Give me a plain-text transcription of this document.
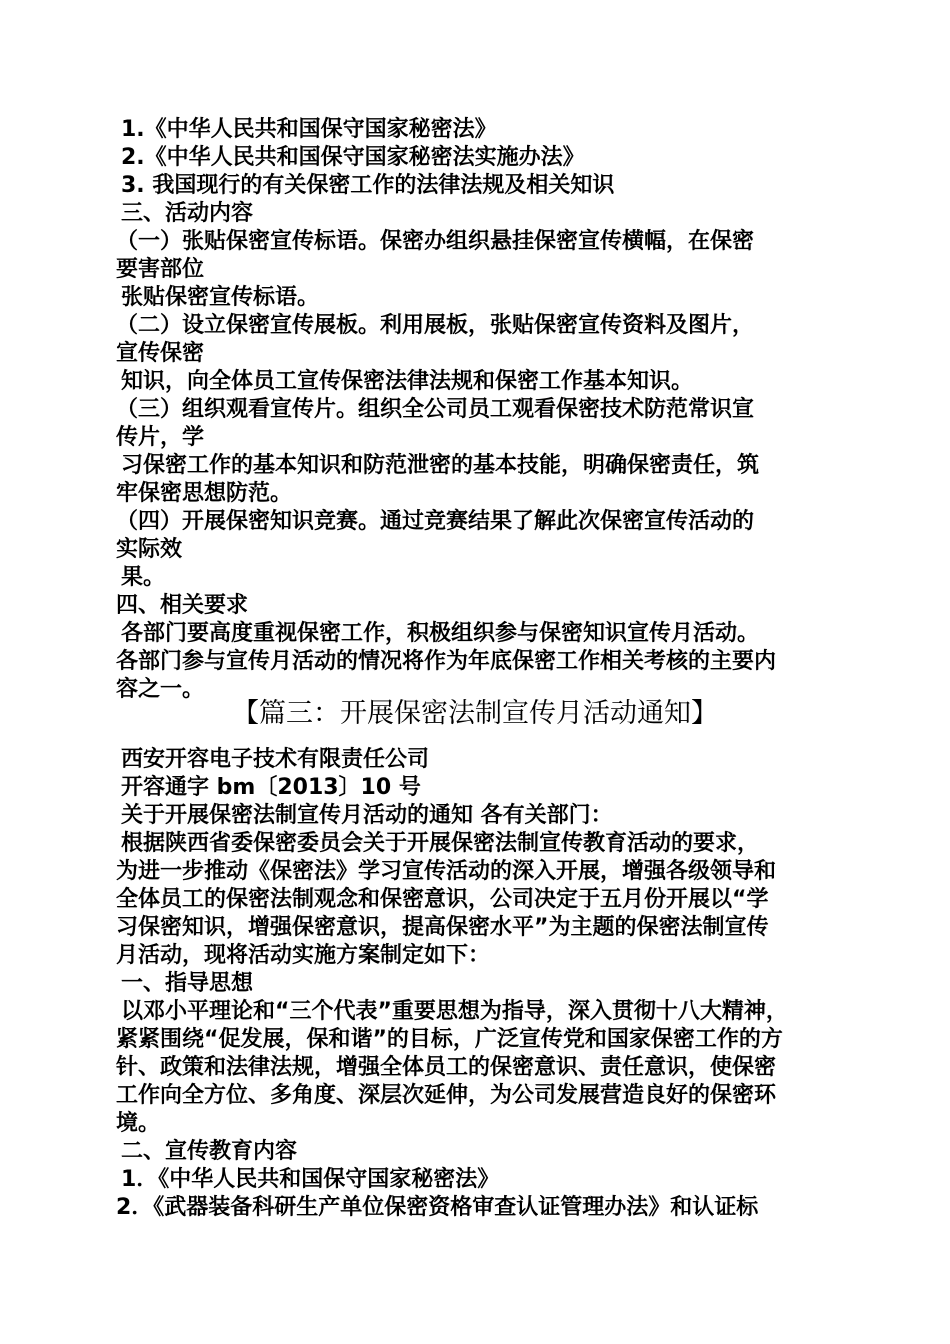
1.《中华人民共和国保守国家秘密法》
2.《中华人民共和国保守国家秘密法实施办法》
3. 我国现行的有关保密工作的法律法规及相关知识
三、活动内容
（一）张贴保密宣传标语。保密办组织悬挂保密宣传横幅，在保密
要害部位
张贴保密宣传标语。
（二）设立保密宣传展板。利用展板，张贴保密宣传资料及图片，
宣传保密
知识，向全体员工宣传保密法律法规和保密工作基本知识。
（三）组织观看宣传片。组织全公司员工观看保密技术防范常识宣
传片，学
习保密工作的基本知识和防范泄密的基本技能，明确保密责任，筑
牢保密思想防范。
（四）开展保密知识竞赛。通过竞赛结果了解此次保密宣传活动的
实际效
果。
四、相关要求
各部门要高度重视保密工作，积极组织参与保密知识宣传月活动。
各部门参与宣传月活动的情况将作为年底保密工作相关考核的主要内
容之一。
【篇三：开展保密法制宣传月活动通知】
西安开容电子技术有限责任公司
开容通字 bm〔2013〕10 号
关于开展保密法制宣传月活动的通知 各有关部门：
根据陕西省委保密委员会关于开展保密法制宣传教育活动的要求，
为进一步推动《保密法》学习宣传活动的深入开展，增强各级领导和
全体员工的保密法制观念和保密意识，公司决定于五月份开展以“学
习保密知识，增强保密意识，提高保密水平”为主题的保密法制宣传
月活动，现将活动实施方案制定如下：
一、指导思想
以邓小平理论和“三个代表”重要思想为指导，深入贯彻十八大精神，
紧紧围绕“促发展，保和谐”的目标，广泛宣传党和国家保密工作的方
针、政策和法律法规，增强全体员工的保密意识、责任意识，使保密
工作向全方位、多角度、深层次延伸，为公司发展营造良好的保密环
境。
二、宣传教育内容
1．《中华人民共和国保守国家秘密法》
2．《武器装备科研生产单位保密资格审查认证管理办法》和认证标
